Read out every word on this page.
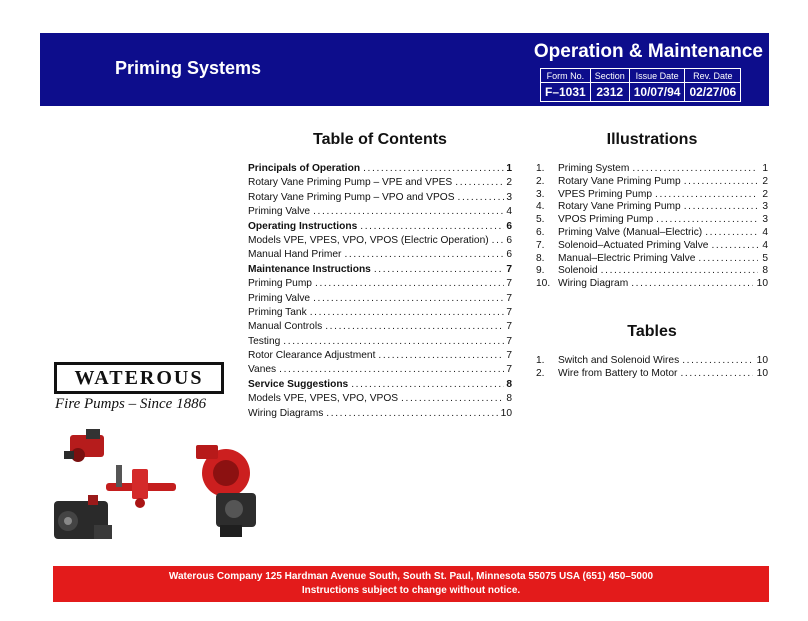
Priming Systems
Operation & Maintenance
Form No.	Section	Issue Date	Rev. Date
F–1031	2312	10/07/94	02/27/06
Table of Contents
Principals of Operation . . .	1
Rotary Vane Priming Pump – VPE and VPES . . .	2
Rotary Vane Priming Pump – VPO and VPOS . . .	3
Priming Valve . . .	4
Operating Instructions . . .	6
Models VPE, VPES, VPO, VPOS (Electric Operation) . . . 6
Manual Hand Primer . . .	6
Maintenance Instructions . . .	7
Priming Pump . . .	7
Priming Valve . . .	7
Priming Tank . . .	7
Manual Controls . . .	7
Testing . . .	7
Rotor Clearance Adjustment . . .	7
Vanes . . .	7
Service Suggestions . . .	8
Models VPE, VPES, VPO, VPOS . . .	8
Wiring Diagrams . . .	10
Illustrations
1.	Priming System . . .	1
2.	Rotary Vane Priming Pump . . .	2
3.	VPES Priming Pump . . .	2
4.	Rotary Vane Priming Pump . . .	3
5.	VPOS Priming Pump . . .	3
6.	Priming Valve (Manual–Electric) . . .	4
7.	Solenoid–Actuated Priming Valve . . .	4
8.	Manual–Electric Priming Valve . . .	5
9.	Solenoid . . .	8
10. Wiring Diagram . . .	10
Tables
1.	Switch and Solenoid Wires . . .	10
2.	Wire from Battery to Motor . . .	10
WATEROUS
Fire Pumps – Since 1886
Waterous Company 125 Hardman Avenue South, South St. Paul, Minnesota 55075 USA (651) 450–5000
Instructions subject to change without notice.
